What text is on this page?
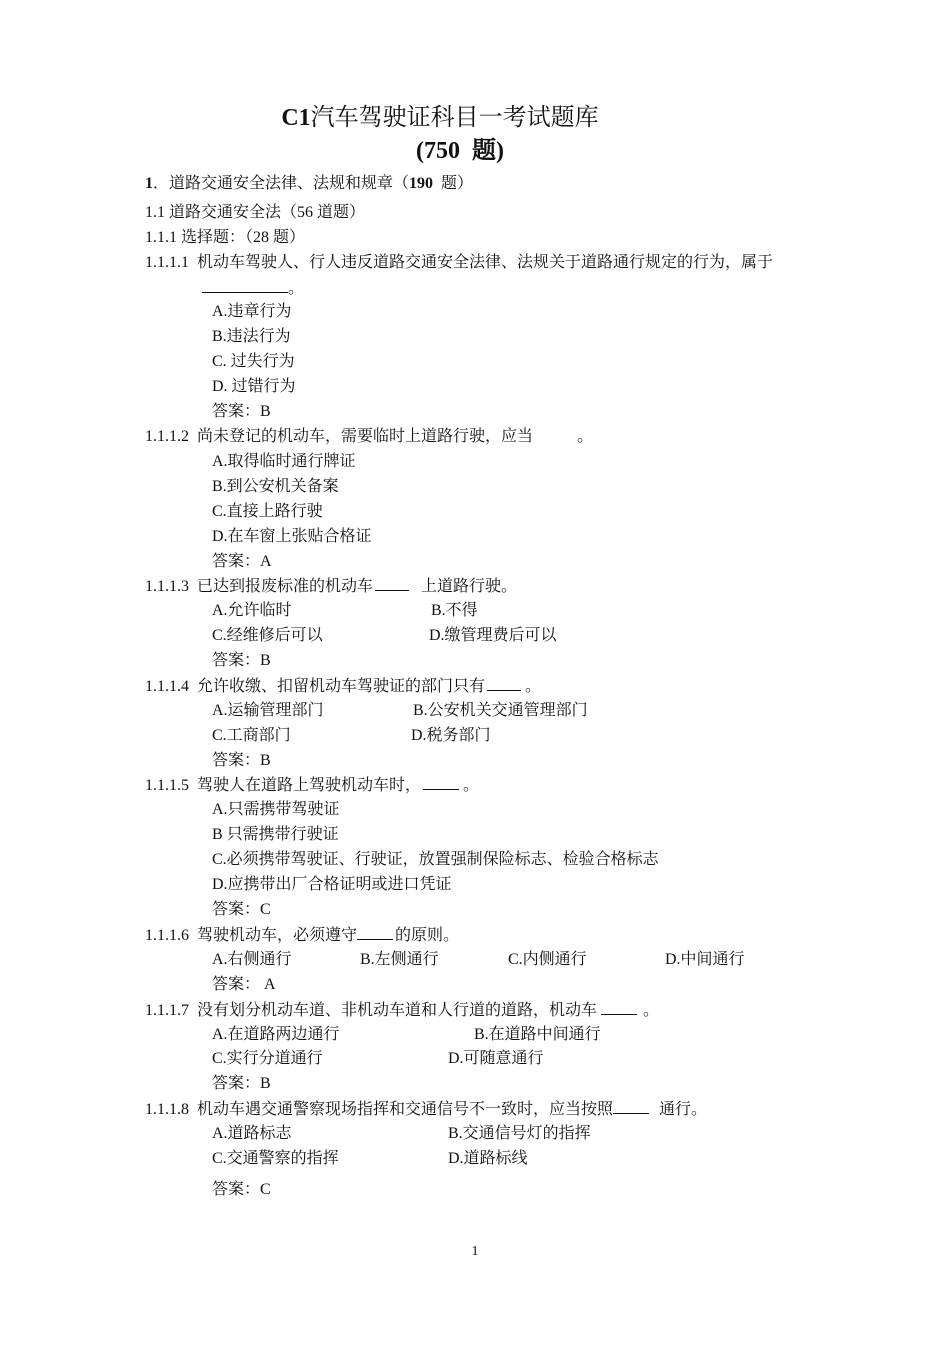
C1汽车驾驶证科目一考试题库
(750 题)
1．道路交通安全法律、法规和规章（190 题）
1.1 道路交通安全法（56 道题）
1.1.1 选择题：（28 题）
1.1.1.1 机动车驾驶人、行人违反道路交通安全法律、法规关于道路通行规定的行为，属于
。
A.违章行为
B.违法行为
C. 过失行为
D. 过错行为
答案：B
1.1.1.2 尚未登记的机动车，需要临时上道路行驶，应当	。
A.取得临时通行牌证
B.到公安机关备案
C.直接上路行驶
D.在车窗上张贴合格证
答案：A
1.1.1.3 已达到报废标准的机动车	上道路行驶。
A.允许临时	B.不得
C.经维修后可以	D.缴管理费后可以
答案：B
1.1.1.4 允许收缴、扣留机动车驾驶证的部门只有	。
A.运输管理部门	B.公安机关交通管理部门
C.工商部门	D.税务部门
答案：B
1.1.1.5 驾驶人在道路上驾驶机动车时，	。
A.只需携带驾驶证
B 只需携带行驶证
C.必须携带驾驶证、行驶证，放置强制保险标志、检验合格标志
D.应携带出厂合格证明或进口凭证
答案：C
1.1.1.6 驾驶机动车，必须遵守 的原则。
A.右侧通行	B.左侧通行	C.内侧通行	D.中间通行
答案： A
1.1.1.7 没有划分机动车道、非机动车道和人行道的道路，机动车	。
A.在道路两边通行	B.在道路中间通行
C.实行分道通行	D.可随意通行
答案：B
1.1.1.8 机动车遇交通警察现场指挥和交通信号不一致时，应当按照	通行。
A.道路标志	B.交通信号灯的指挥
C.交通警察的指挥	D.道路标线
答案：C
1
